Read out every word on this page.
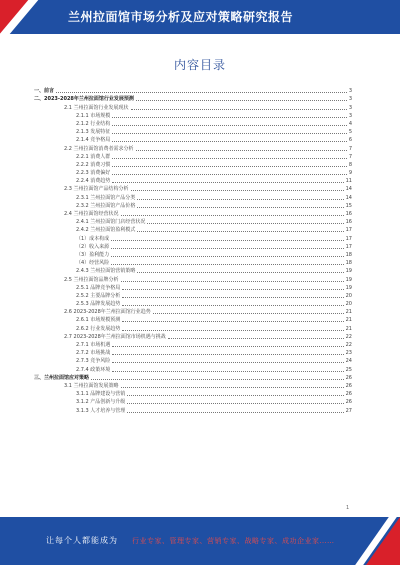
兰州拉面馆市场分析及应对策略研究报告
内容目录
一、前言	3
二、2023-2028年兰州拉面馆行业发展预测	3
2.1 兰州拉面馆行业发展现状	3
2.1.1 市场规模	3
2.1.2 行业结构	4
2.1.3 发展特征	5
2.1.4 竞争格局	6
2.2 兰州拉面馆消费者需求分析	7
2.2.1 消费人群	7
2.2.2 消费习惯	8
2.2.3 消费偏好	9
2.2.4 消费趋势	11
2.3 兰州拉面馆产品结构分析	14
2.3.1 兰州拉面馆产品分类	14
2.3.2 兰州拉面馆产品价格	15
2.4 兰州拉面馆经营状况	16
2.4.1 兰州拉面馆门店经营状况	16
2.4.2 兰州拉面馆盈利模式	17
（1）成本构成	17
（2）收入来源	17
（3）盈利能力	18
（4）经营风险	18
2.4.3 兰州拉面馆营销策略	19
2.5 兰州拉面馆品牌分析	19
2.5.1 品牌竞争格局	19
2.5.2 主要品牌分析	20
2.5.3 品牌发展趋势	20
2.6 2023-2028年兰州拉面馆行业趋势	21
2.6.1 市场规模预测	21
2.6.2 行业发展趋势	21
2.7 2023-2028年兰州拉面馆市场机遇与挑战	22
2.7.1 市场机遇	22
2.7.2 市场挑战	23
2.7.3 竞争风险	24
2.7.4 政策环境	25
三、兰州拉面馆应对策略	26
3.1 兰州拉面馆发展策略	26
3.1.1 品牌建设与营销	26
3.1.2 产品创新与升级	26
3.1.3 人才培养与管理	27
1
让每个人都能成为 行业专家、管理专家、营销专家、战略专家、成功企业家……
